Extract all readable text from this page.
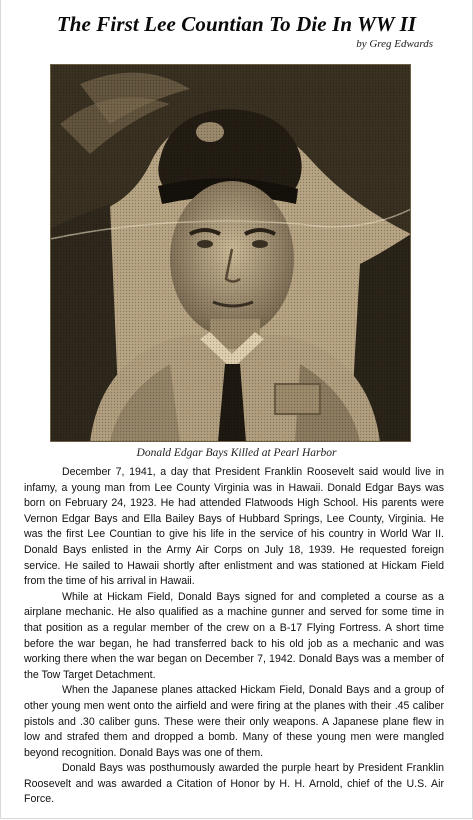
The First Lee Countian To Die In WW II
by Greg Edwards
Donald Edgar Bays Killed at Pearl Harbor

December 7, 1941, a day that President Franklin Roosevelt said would live in infamy, a young man from Lee County Virginia was in Hawaii. Donald Edgar Bays was born on February 24, 1923. He had attended Flatwoods High School. His parents were Vernon Edgar Bays and Ella Bailey Bays of Hubbard Springs, Lee County, Virginia. He was the first Lee Countian to give his life in the service of his country in World War II. Donald Bays enlisted in the Army Air Corps on July 18, 1939. He requested foreign service. He sailed to Hawaii shortly after enlistment and was stationed at Hickam Field from the time of his arrival in Hawaii.

While at Hickam Field, Donald Bays signed for and completed a course as a airplane mechanic. He also qualified as a machine gunner and served for some time in that position as a regular member of the crew on a B-17 Flying Fortress. A short time before the war began, he had transferred back to his old job as a mechanic and was working there when the war began on December 7, 1942. Donald Bays was a member of the Tow Target Detachment.

When the Japanese planes attacked Hickam Field, Donald Bays and a group of other young men went onto the airfield and were firing at the planes with their .45 caliber pistols and .30 caliber guns. These were their only weapons. A Japanese plane flew in low and strafed them and dropped a bomb. Many of these young men were mangled beyond recognition. Donald Bays was one of them.

Donald Bays was posthumously awarded the purple heart by President Franklin Roosevelt and was awarded a Citation of Honor by H. H. Arnold, chief of the U.S. Air Force.
